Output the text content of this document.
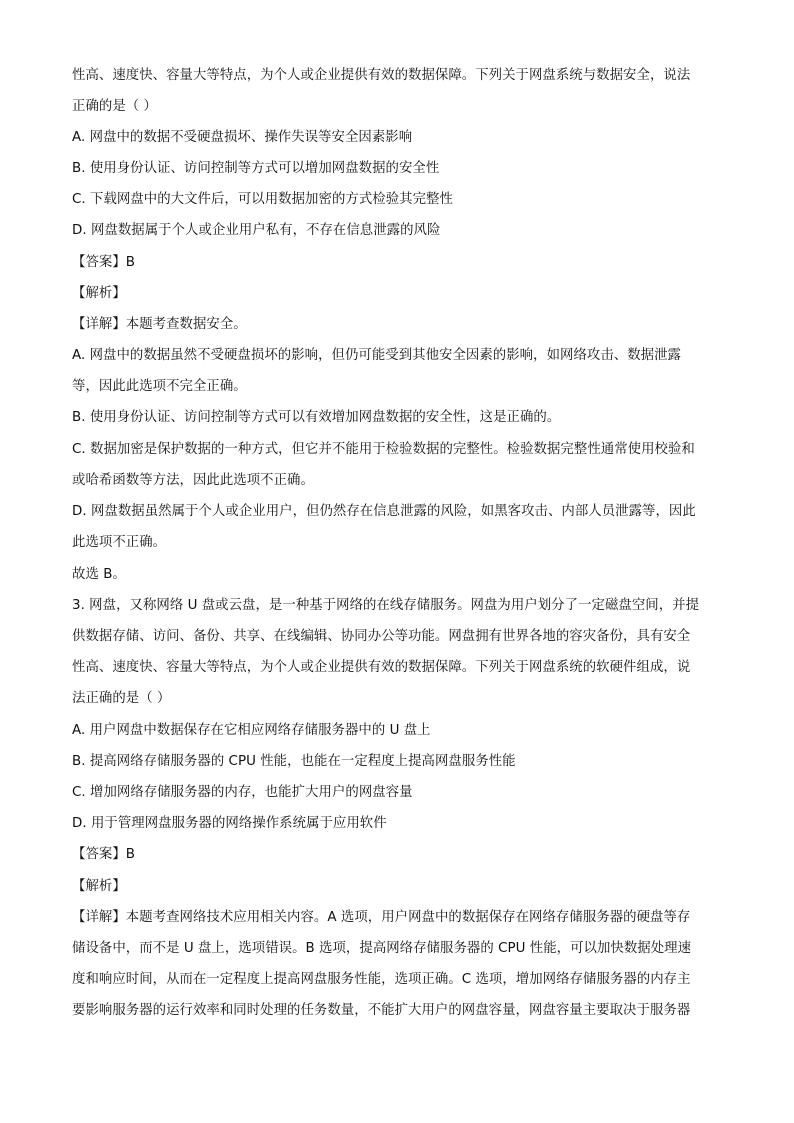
性高、速度快、容量大等特点，为个人或企业提供有效的数据保障。下列关于网盘系统与数据安全，说法
正确的是（ ）
A. 网盘中的数据不受硬盘损坏、操作失误等安全因素影响
B. 使用身份认证、访问控制等方式可以增加网盘数据的安全性
C. 下载网盘中的大文件后，可以用数据加密的方式检验其完整性
D. 网盘数据属于个人或企业用户私有，不存在信息泄露的风险
【答案】B
【解析】
【详解】本题考查数据安全。
A. 网盘中的数据虽然不受硬盘损坏的影响，但仍可能受到其他安全因素的影响，如网络攻击、数据泄露
等，因此此选项不完全正确。
B. 使用身份认证、访问控制等方式可以有效增加网盘数据的安全性，这是正确的。
C. 数据加密是保护数据的一种方式，但它并不能用于检验数据的完整性。检验数据完整性通常使用校验和
或哈希函数等方法，因此此选项不正确。
D. 网盘数据虽然属于个人或企业用户，但仍然存在信息泄露的风险，如黑客攻击、内部人员泄露等，因此
此选项不正确。
故选 B。
3. 网盘，又称网络 U 盘或云盘，是一种基于网络的在线存储服务。网盘为用户划分了一定磁盘空间，并提
供数据存储、访问、备份、共享、在线编辑、协同办公等功能。网盘拥有世界各地的容灾备份，具有安全
性高、速度快、容量大等特点，为个人或企业提供有效的数据保障。下列关于网盘系统的软硬件组成，说
法正确的是（ ）
A. 用户网盘中数据保存在它相应网络存储服务器中的 U 盘上
B. 提高网络存储服务器的 CPU 性能，也能在一定程度上提高网盘服务性能
C. 增加网络存储服务器的内存，也能扩大用户的网盘容量
D. 用于管理网盘服务器的网络操作系统属于应用软件
【答案】B
【解析】
【详解】本题考查网络技术应用相关内容。A 选项，用户网盘中的数据保存在网络存储服务器的硬盘等存
储设备中，而不是 U 盘上，选项错误。B 选项，提高网络存储服务器的 CPU 性能，可以加快数据处理速
度和响应时间，从而在一定程度上提高网盘服务性能，选项正确。C 选项，增加网络存储服务器的内存主
要影响服务器的运行效率和同时处理的任务数量，不能扩大用户的网盘容量，网盘容量主要取决于服务器
